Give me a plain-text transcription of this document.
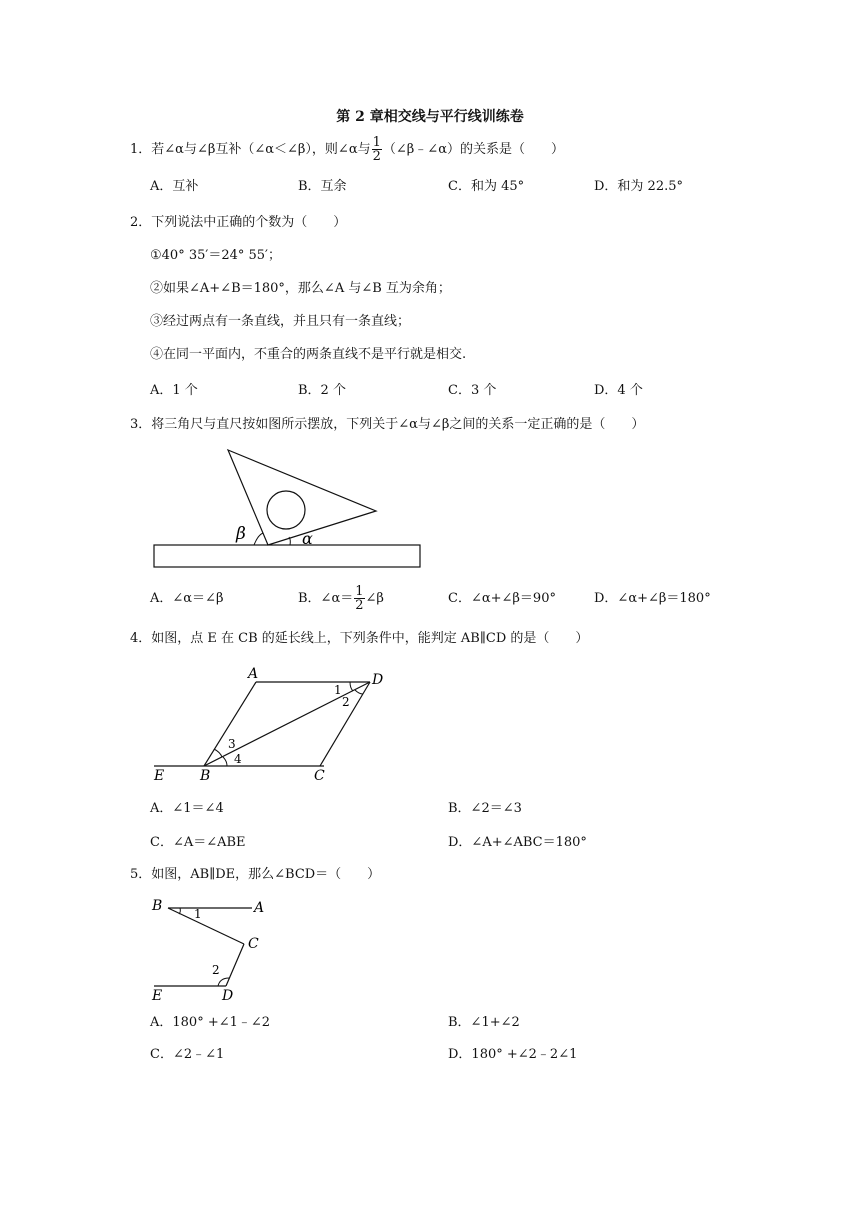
第 2 章相交线与平行线训练卷
1．若∠α与∠β互补（∠α＜∠β），则∠α与 $\frac{1}{2}$ （∠β﹣∠α）的关系是（　　）
A．互补	B．互余	C．和为 45°	D．和为 22.5°
2．下列说法中正确的个数为（　　）
①40° 35′＝24° 55′；
②如果∠A+∠B＝180°，那么∠A 与∠B 互为余角；
③经过两点有一条直线，并且只有一条直线；
④在同一平面内，不重合的两条直线不是平行就是相交.
A．1 个	B．2 个	C．3 个	D．4 个
3．将三角尺与直尺按如图所示摆放，下列关于∠α与∠β之间的关系一定正确的是（　　）
β	α
A．∠α＝∠β	B．∠α＝ $\frac{1}{2}$ ∠β	C．∠α+∠β＝90°	D．∠α+∠β＝180°
4．如图，点 E 在 CB 的延长线上，下列条件中，能判定 AB∥CD 的是（　　）
A	D
B	C
E
1
2
3
4
A．∠1＝∠4	B．∠2＝∠3
C．∠A＝∠ABE	D．∠A+∠ABC＝180°
5．如图，AB∥DE，那么∠BCD＝（　　）
B	A
C
E	D
1
2
A．180° +∠1﹣∠2	B．∠1+∠2
C．∠2﹣∠1	D．180° +∠2﹣2∠1
